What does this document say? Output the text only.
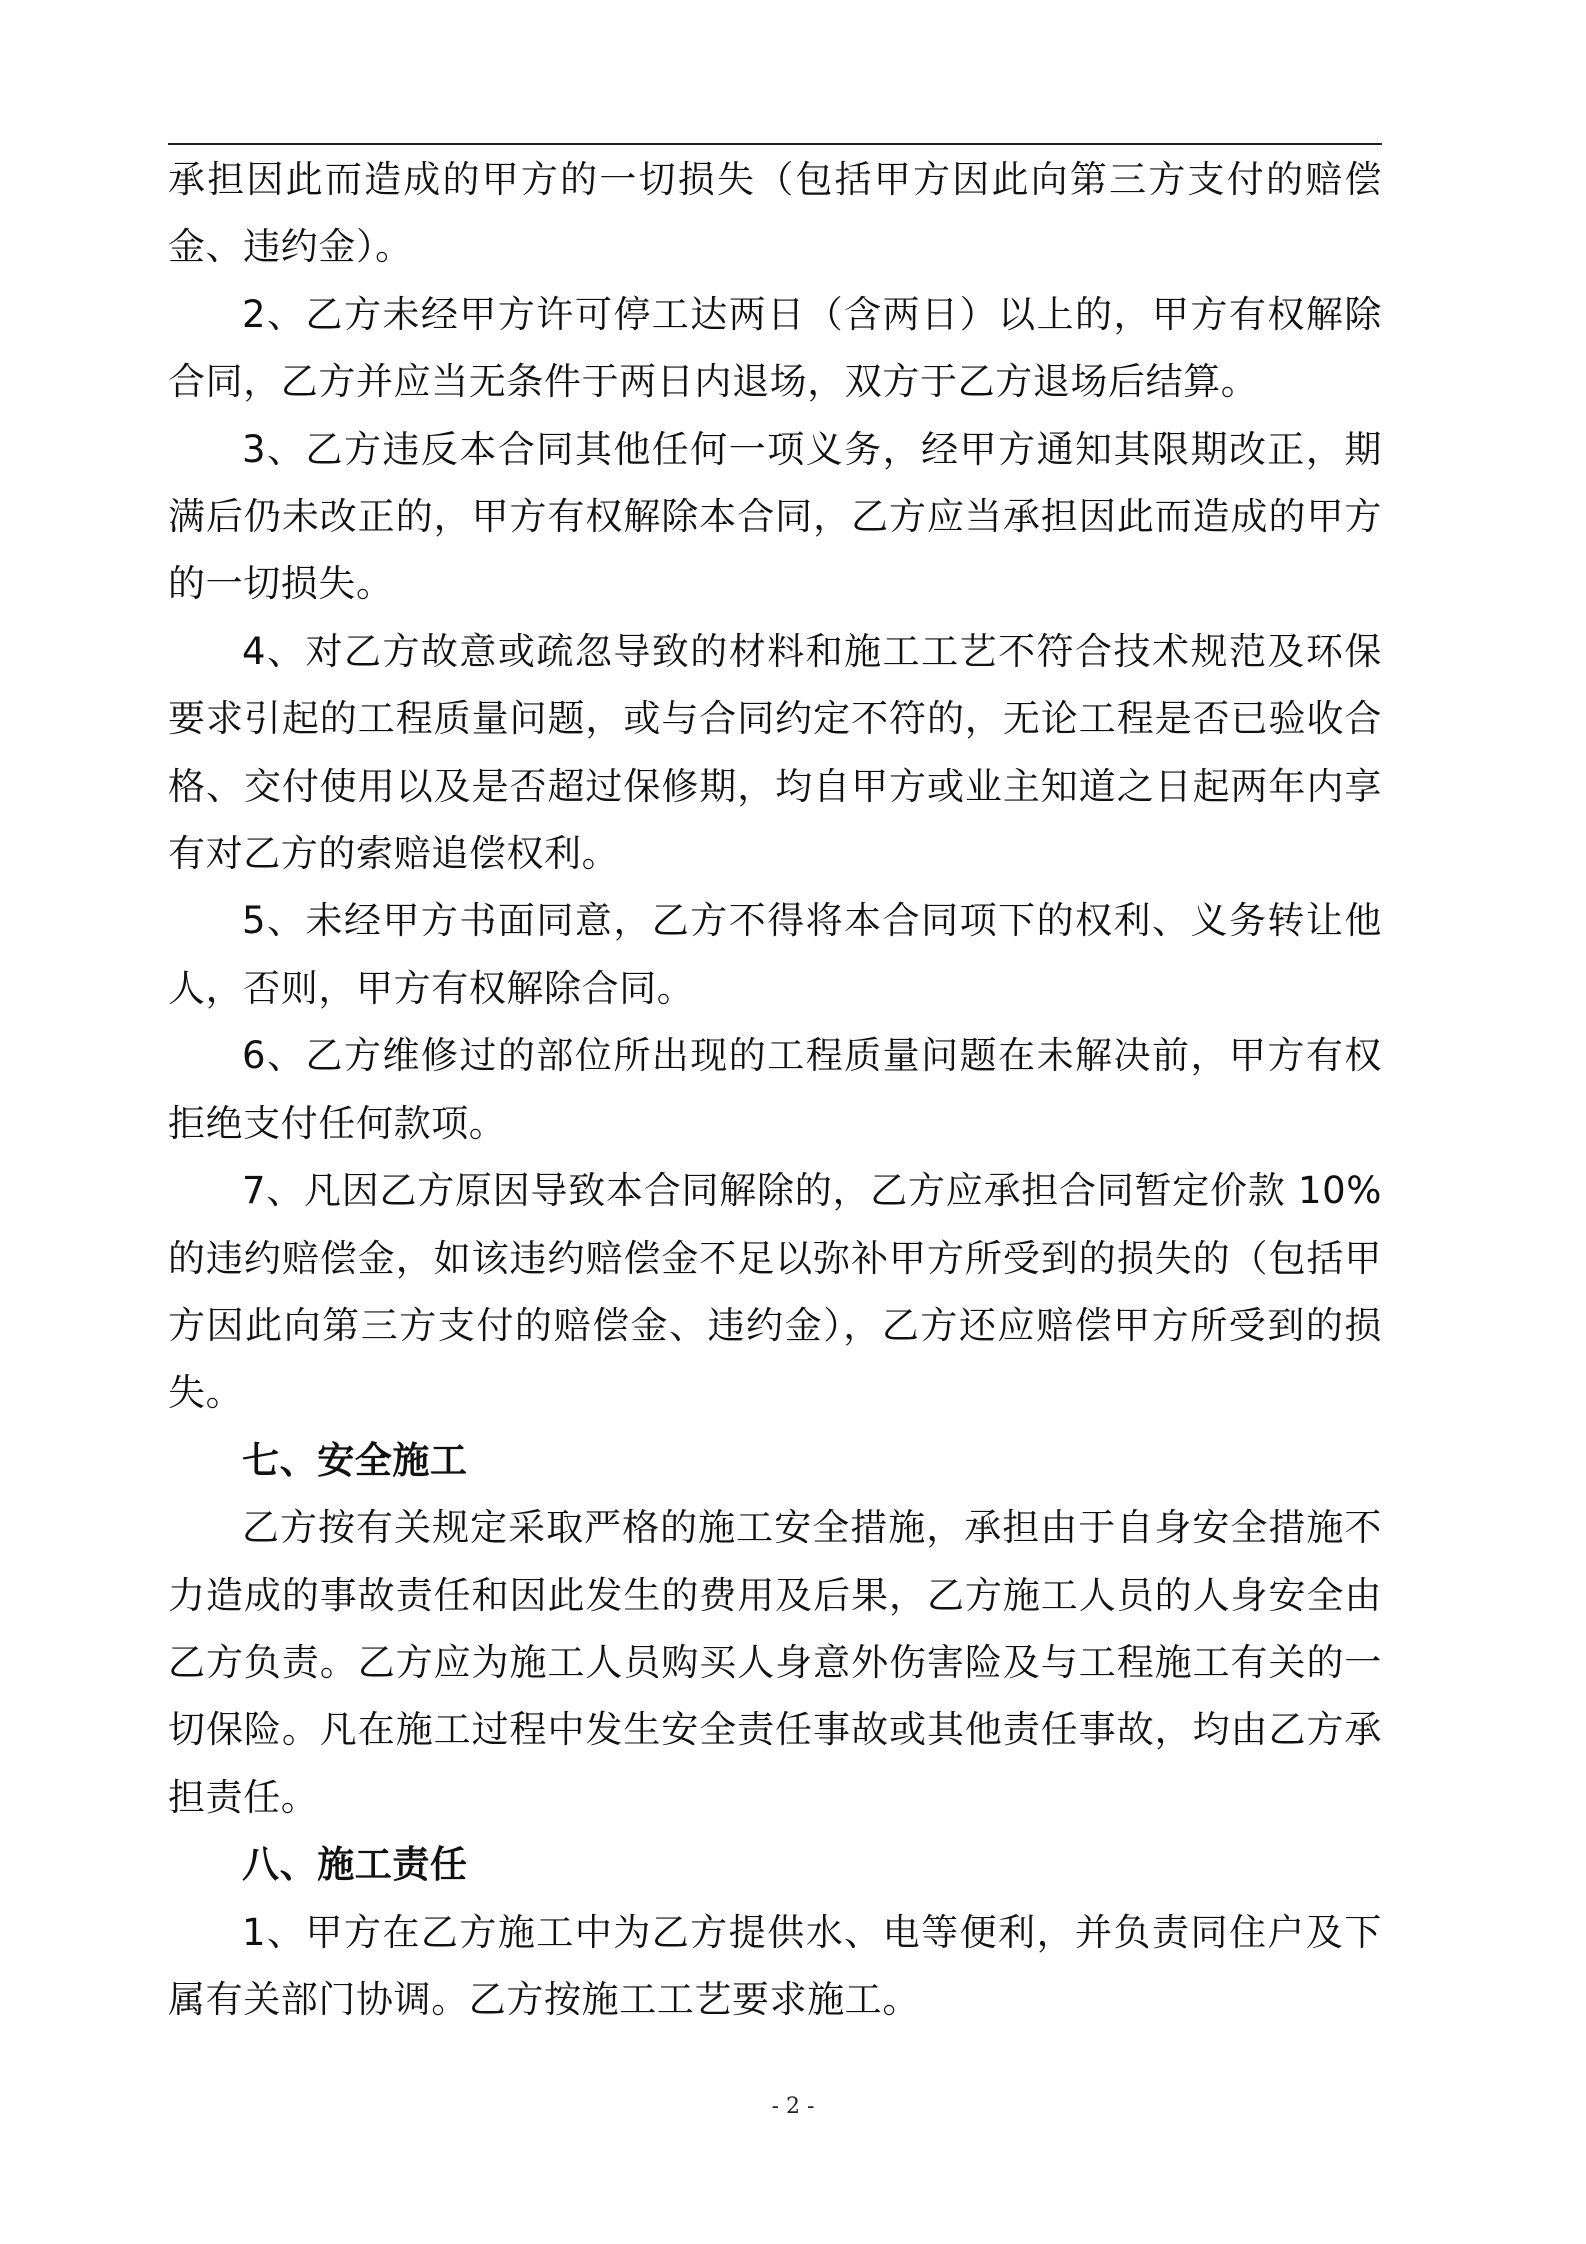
承担因此而造成的甲方的一切损失（包括甲方因此向第三方支付的赔偿金、违约金）。

2、乙方未经甲方许可停工达两日（含两日）以上的，甲方有权解除合同，乙方并应当无条件于两日内退场，双方于乙方退场后结算。

3、乙方违反本合同其他任何一项义务，经甲方通知其限期改正，期满后仍未改正的，甲方有权解除本合同，乙方应当承担因此而造成的甲方的一切损失。

4、对乙方故意或疏忽导致的材料和施工工艺不符合技术规范及环保要求引起的工程质量问题，或与合同约定不符的，无论工程是否已验收合格、交付使用以及是否超过保修期，均自甲方或业主知道之日起两年内享有对乙方的索赔追偿权利。

5、未经甲方书面同意，乙方不得将本合同项下的权利、义务转让他人，否则，甲方有权解除合同。

6、乙方维修过的部位所出现的工程质量问题在未解决前，甲方有权拒绝支付任何款项。

7、凡因乙方原因导致本合同解除的，乙方应承担合同暂定价款 10%的违约赔偿金，如该违约赔偿金不足以弥补甲方所受到的损失的（包括甲方因此向第三方支付的赔偿金、违约金），乙方还应赔偿甲方所受到的损失。

七、安全施工

乙方按有关规定采取严格的施工安全措施，承担由于自身安全措施不力造成的事故责任和因此发生的费用及后果，乙方施工人员的人身安全由乙方负责。乙方应为施工人员购买人身意外伤害险及与工程施工有关的一切保险。凡在施工过程中发生安全责任事故或其他责任事故，均由乙方承担责任。

八、施工责任

1、甲方在乙方施工中为乙方提供水、电等便利，并负责同住户及下属有关部门协调。乙方按施工工艺要求施工。

- 2 -
